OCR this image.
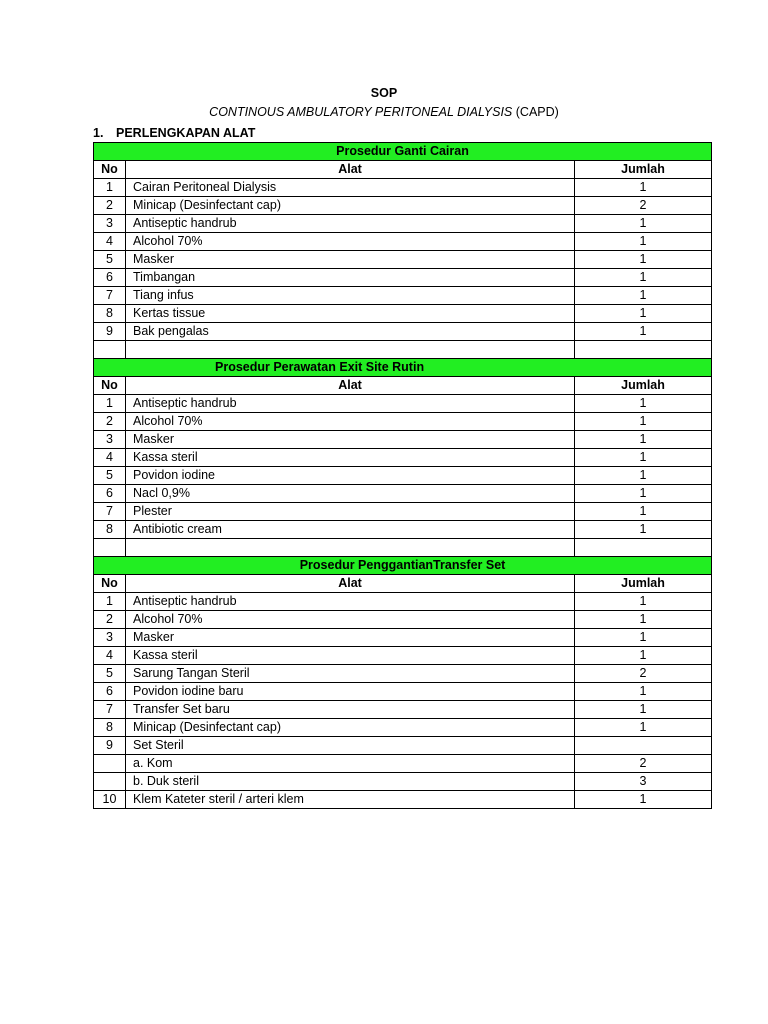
SOP
CONTINOUS AMBULATORY PERITONEAL DIALYSIS (CAPD)
1. PERLENGKAPAN ALAT
Prosedur Ganti Cairan		
No	Alat	Jumlah
1	Cairan Peritoneal Dialysis	1
2	Minicap (Desinfectant cap)	2
3	Antiseptic handrub	1
4	Alcohol 70%	1
5	Masker	1
6	Timbangan	1
7	Tiang infus	1
8	Kertas tissue	1
9	Bak pengalas	1

Prosedur Perawatan Exit Site Rutin		
No	Alat	Jumlah
1	Antiseptic handrub	1
2	Alcohol 70%	1
3	Masker	1
4	Kassa steril	1
5	Povidon iodine	1
6	Nacl 0,9%	1
7	Plester	1
8	Antibiotic cream	1

Prosedur PenggantianTransfer Set		
No	Alat	Jumlah
1	Antiseptic handrub	1
2	Alcohol 70%	1
3	Masker	1
4	Kassa steril	1
5	Sarung Tangan Steril	2
6	Povidon iodine baru	1
7	Transfer Set baru	1
8	Minicap (Desinfectant cap)	1
9	Set Steril	
	a. Kom	2
	b. Duk steril	3
10	Klem Kateter steril / arteri klem	1
